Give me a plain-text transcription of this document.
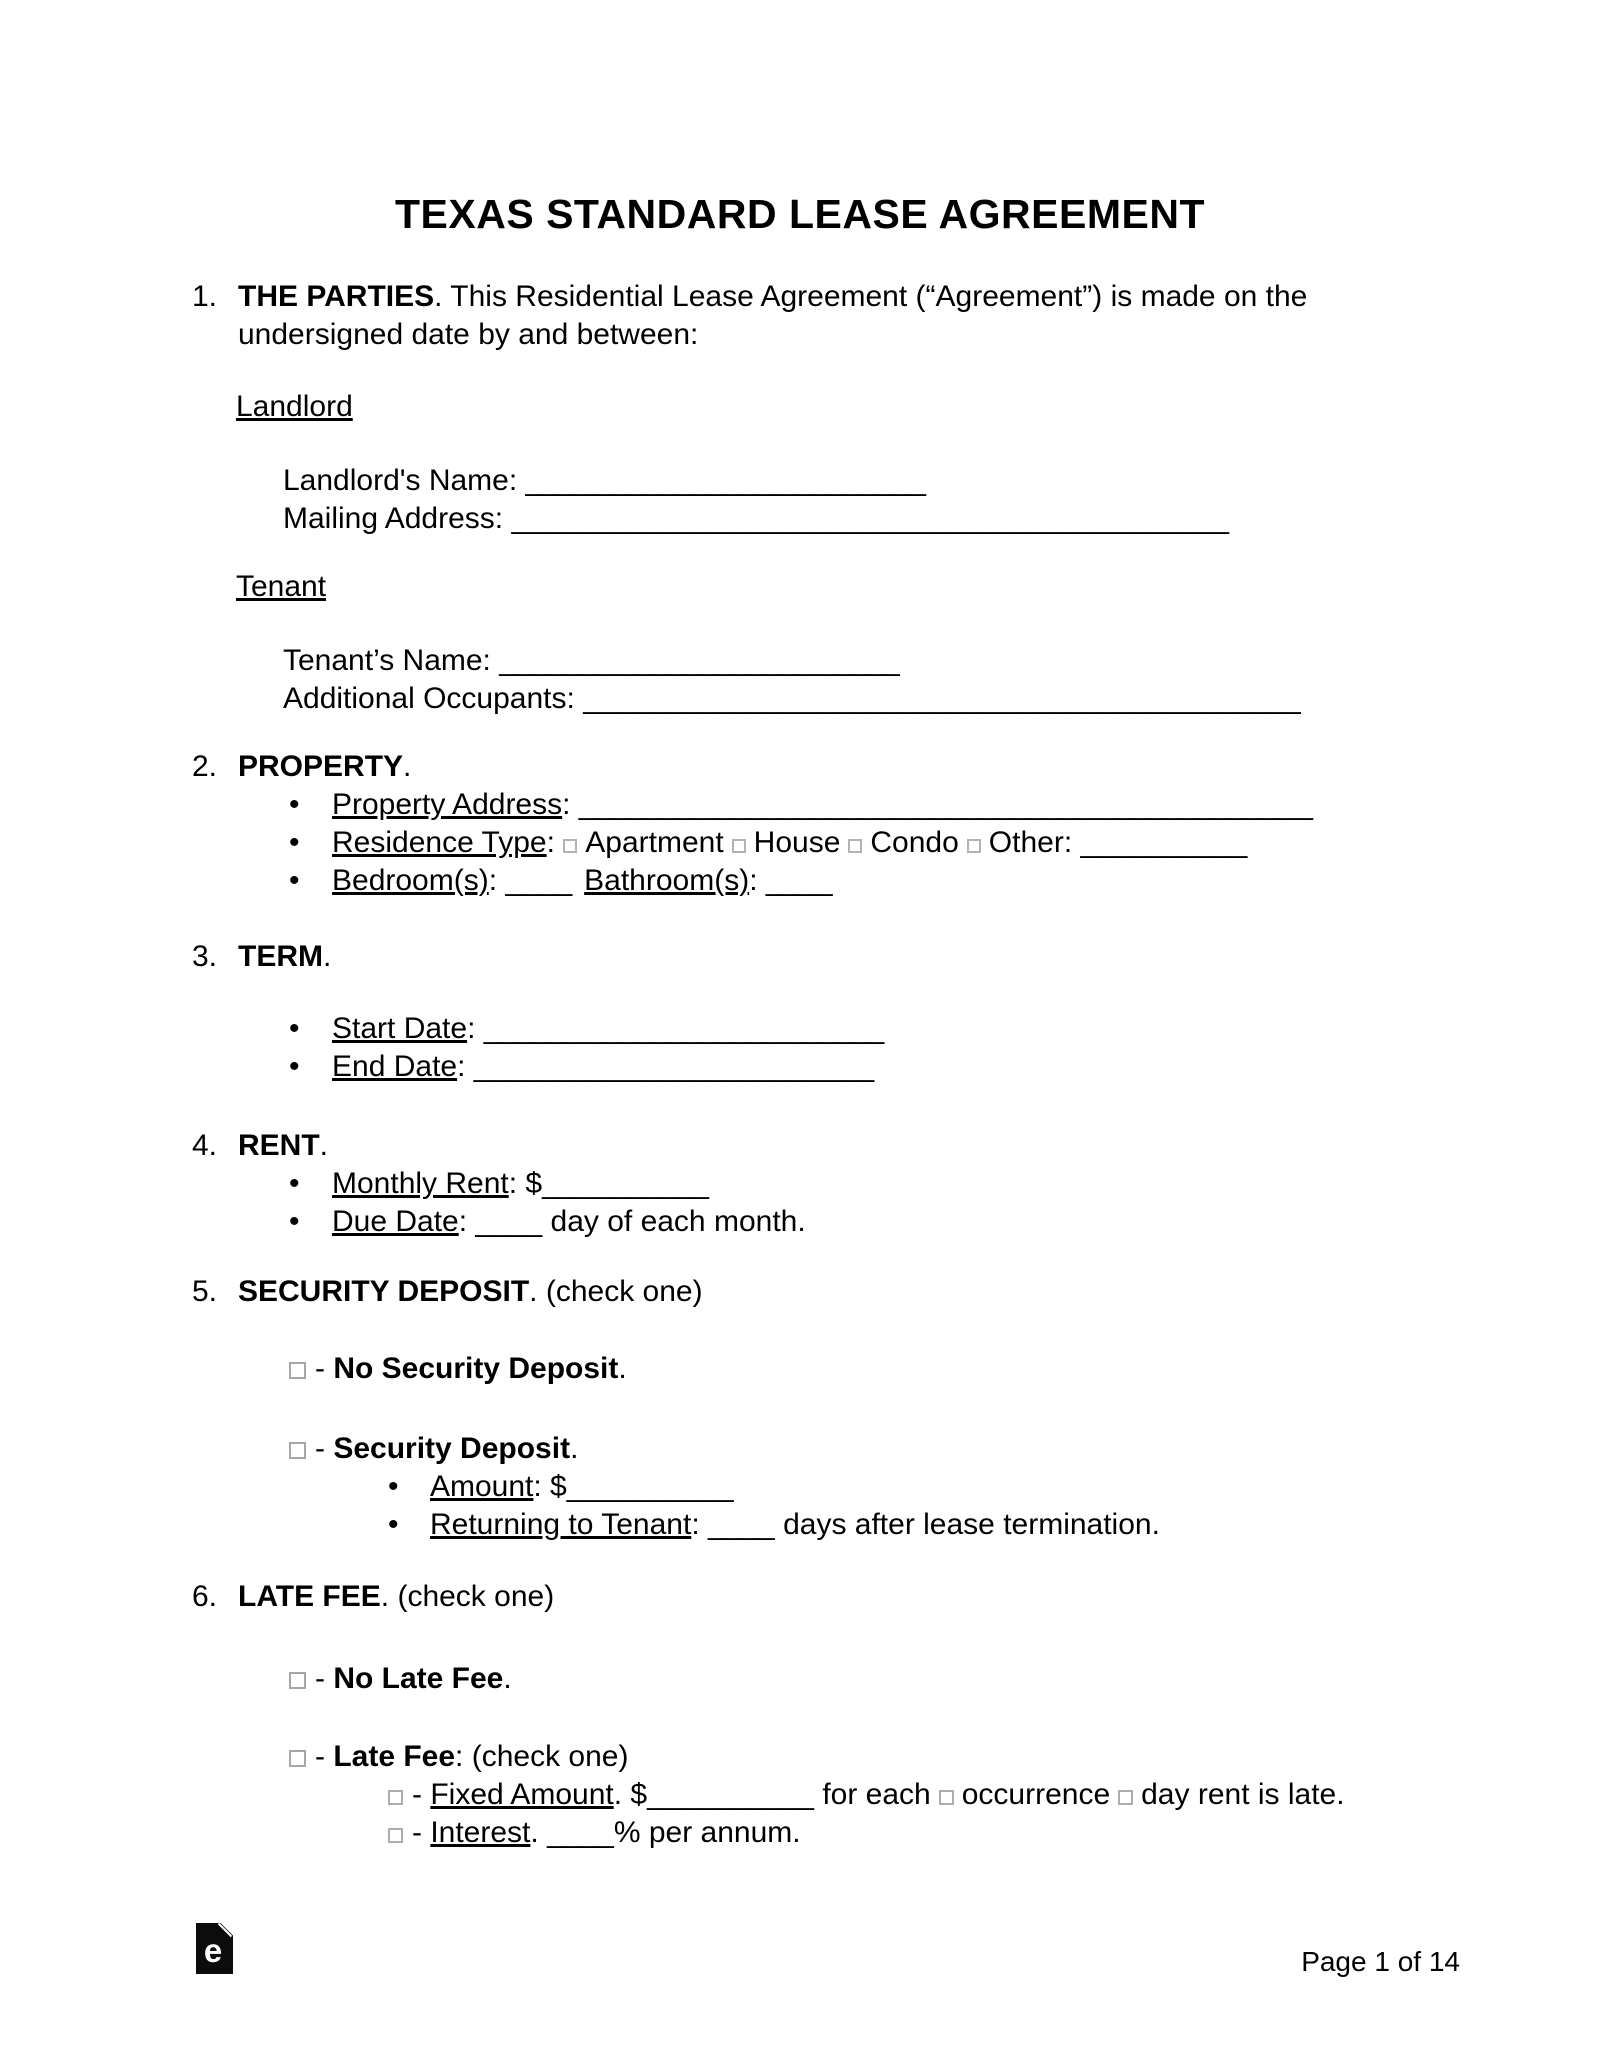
TEXAS STANDARD LEASE AGREEMENT
1. THE PARTIES. This Residential Lease Agreement (“Agreement”) is made on the undersigned date by and between:
Landlord
Landlord's Name: ________________________
Mailing Address: ___________________________________________
Tenant
Tenant’s Name: ________________________
Additional Occupants: ___________________________________________
2. PROPERTY.
•	Property Address: ____________________________________________
•	Residence Type: Apartment House Condo Other: __________
•	Bedroom(s): ____ Bathroom(s): ____
3. TERM.
•	Start Date: ________________________
•	End Date: ________________________
4. RENT.
•	Monthly Rent: $__________
•	Due Date: ____ day of each month.
5. SECURITY DEPOSIT. (check one)
- No Security Deposit.
- Security Deposit.
•	Amount: $__________
•	Returning to Tenant: ____ days after lease termination.
6. LATE FEE. (check one)
- No Late Fee.
- Late Fee: (check one)
- Fixed Amount. $__________ for each occurrence day rent is late.
- Interest. ____% per annum.
e	Page 1 of 14
